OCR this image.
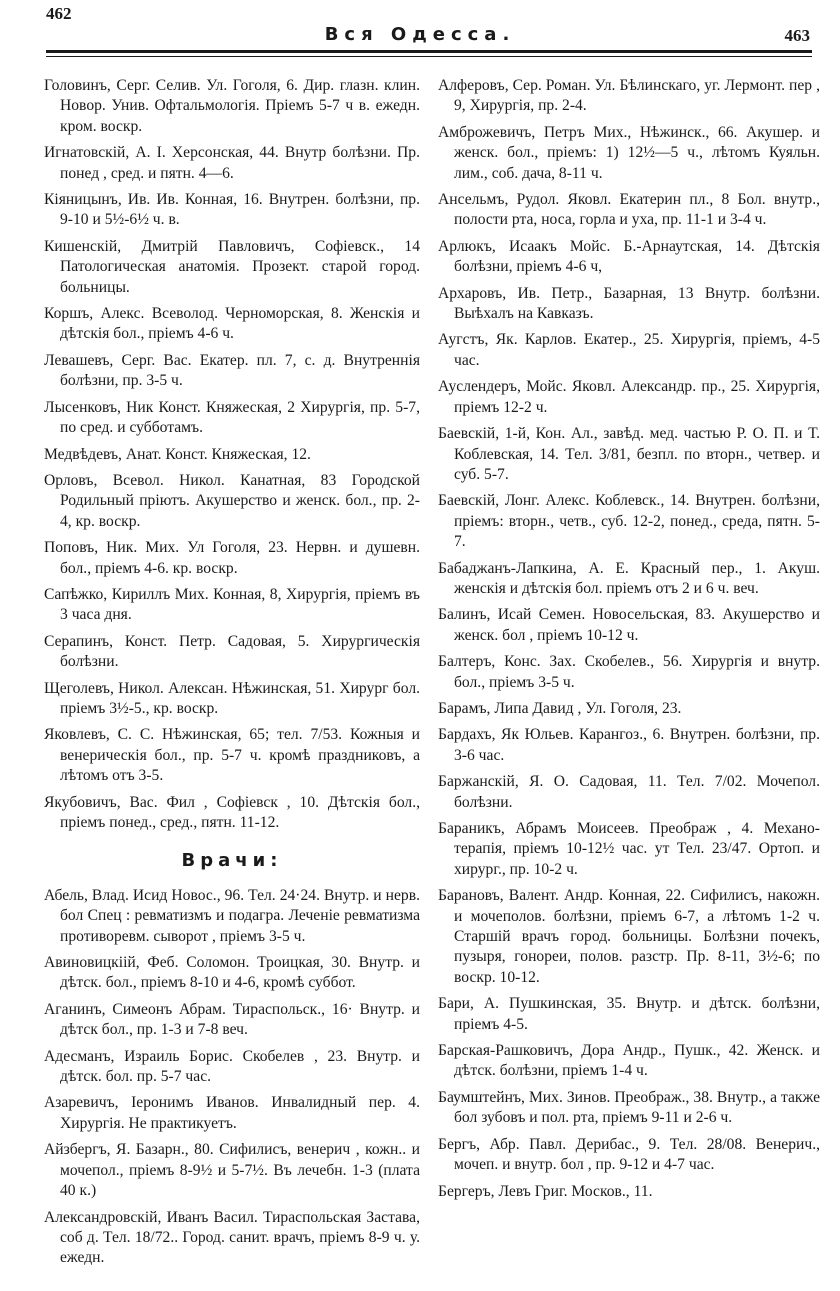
462
Вся Одесса.	463

Головинъ, Серг. Селив. Ул. Гоголя, 6. Дир. глазн. клин. Новор. Унив. Офтальмологія. Пріемъ 5-7 ч в. ежедн. кром. воскр.

Игнатовскій, А. І. Херсонская, 44. Внутр болѣзни. Пр. понед , сред. и пятн. 4—6.

Кіяницынъ, Ив. Ив. Конная, 16. Внутрен. болѣзни, пр. 9-10 и 5½-6½ ч. в.

Кишенскій, Дмитрій Павловичъ, Софіевск., 14 Патологическая анатомія. Прозект. старой город. больницы.

Коршъ, Алекс. Всеволод. Черноморская, 8. Женскія и дѣтскія бол., пріемъ 4-6 ч.

Левашевъ, Серг. Вас. Екатер. пл. 7, с. д. Внутреннія болѣзни, пр. 3-5 ч.

Лысенковъ, Ник Конст. Княжеская, 2 Хирургія, пр. 5-7, по сред. и субботамъ.

Медвѣдевъ, Анат. Конст. Княжеская, 12.

Орловъ, Всевол. Никол. Канатная, 83 Городской Родильный пріютъ. Акушерство и женск. бол., пр. 2-4, кр. воскр.

Поповъ, Ник. Мих. Ул Гоголя, 23. Нервн. и душевн. бол., пріемъ 4-6. кр. воскр.

Сапѣжко, Кириллъ Мих. Конная, 8, Хирургія, пріемъ въ 3 часа дня.

Серапинъ, Конст. Петр. Садовая, 5. Хирургическія болѣзни.

Щеголевъ, Никол. Алексан. Нѣжинская, 51. Хирург бол. пріемъ 3½-5., кр. воскр.

Яковлевъ, С. С. Нѣжинская, 65; тел. 7/53. Кожныя и венерическія бол., пр. 5-7 ч. кромѣ праздниковъ, а лѣтомъ отъ 3-5.

Якубовичъ, Вас. Фил , Софіевск , 10. Дѣтскія бол., пріемъ понед., сред., пятн. 11-12.

Врачи:

Абель, Влад. Исид Новос., 96. Тел. 24·24. Внутр. и нерв. бол Спец : ревматизмъ и подагра. Леченіе ревматизма противоревм. сыворот , пріемъ 3-5 ч.

Авиновицкіій, Феб. Соломон. Троицкая, 30. Внутр. и дѣтск. бол., пріемъ 8-10 и 4-6, кромѣ суббот.

Аганинъ, Симеонъ Абрам. Тираспольск., 16· Внутр. и дѣтск бол., пр. 1-3 и 7-8 веч.

Адесманъ, Израиль Борис. Скобелев , 23. Внутр. и дѣтск. бол. пр. 5-7 час.

Азаревичъ, Іеронимъ Иванов. Инвалидный пер. 4. Хирургія. Не практикуетъ.

Айзбергъ, Я. Базарн., 80. Сифилисъ, венерич , кожн.. и мочепол., пріемъ 8-9½ и 5-7½. Въ лечебн. 1-3 (плата 40 к.)

Александровскій, Иванъ Васил. Тираспольская Застава, соб д. Тел. 18/72.. Город. санит. врачъ, пріемъ 8-9 ч. у. ежедн.

Алферовъ, Сер. Роман. Ул. Бѣлинскаго, уг. Лермонт. пер , 9, Хирургія, пр. 2-4.

Амброжевичъ, Петръ Мих., Нѣжинск., 66. Акушер. и женск. бол., пріемъ: 1) 12½—5 ч., лѣтомъ Куяльн. лим., соб. дача, 8-11 ч.

Ансельмъ, Рудол. Яковл. Екатерин пл., 8 Бол. внутр., полости рта, носа, горла и уха, пр. 11-1 и 3-4 ч.

Арлюкъ, Исаакъ Мойс. Б.-Арнаутская, 14. Дѣтскія болѣзни, пріемъ 4-6 ч,

Архаровъ, Ив. Петр., Базарная, 13 Внутр. болѣзни. Выѣхалъ на Кавказъ.

Аугстъ, Як. Карлов. Екатер., 25. Хирургія, пріемъ, 4-5 час.

Ауслендеръ, Мойс. Яковл. Александр. пр., 25. Хирургія, пріемъ 12-2 ч.

Баевскій, 1-й, Кон. Ал., завѣд. мед. частью Р. О. П. и Т. Коблевская, 14. Тел. 3/81, безпл. по вторн., четвер. и суб. 5-7.

Баевскій, Лонг. Алекс. Коблевск., 14. Внутрен. болѣзни, пріемъ: вторн., четв., суб. 12-2, понед., среда, пятн. 5-7.

Бабаджанъ-Лапкина, А. Е. Красный пер., 1. Акуш. женскія и дѣтскія бол. пріемъ отъ 2 и 6 ч. веч.

Балинъ, Исай Семен. Новосельская, 83. Акушерство и женск. бол , пріемъ 10-12 ч.

Балтеръ, Конс. Зах. Скобелев., 56. Хирургія и внутр. бол., пріемъ 3-5 ч.

Барамъ, Липа Давид , Ул. Гоголя, 23.

Бардахъ, Як Юльев. Карангоз., 6. Внутрен. болѣзни, пр. 3-6 час.

Баржанскій, Я. О. Садовая, 11. Тел. 7/02. Мочепол. болѣзни.

Бараникъ, Абрамъ Моисеев. Преображ , 4. Механо-терапія, пріемъ 10-12½ час. ут Тел. 23/47. Ортоп. и хирург., пр. 10-2 ч.

Барановъ, Валент. Андр. Конная, 22. Сифилисъ, накожн. и мочеполов. болѣзни, пріемъ 6-7, а лѣтомъ 1-2 ч. Старшій врачъ город. больницы. Болѣзни почекъ, пузыря, гонореи, полов. разстр. Пр. 8-11, 3½-6; по воскр. 10-12.

Бари, А. Пушкинская, 35. Внутр. и дѣтск. болѣзни, пріемъ 4-5.

Барская-Рашковичъ, Дора Андр., Пушк., 42. Женск. и дѣтск. болѣзни, пріемъ 1-4 ч.

Баумштейнъ, Мих. Зинов. Преображ., 38. Внутр., а также бол зубовъ и пол. рта, пріемъ 9-11 и 2-6 ч.

Бергъ, Абр. Павл. Дерибас., 9. Тел. 28/08. Венерич., мочеп. и внутр. бол , пр. 9-12 и 4-7 час.

Бергеръ, Левъ Григ. Москов., 11.
